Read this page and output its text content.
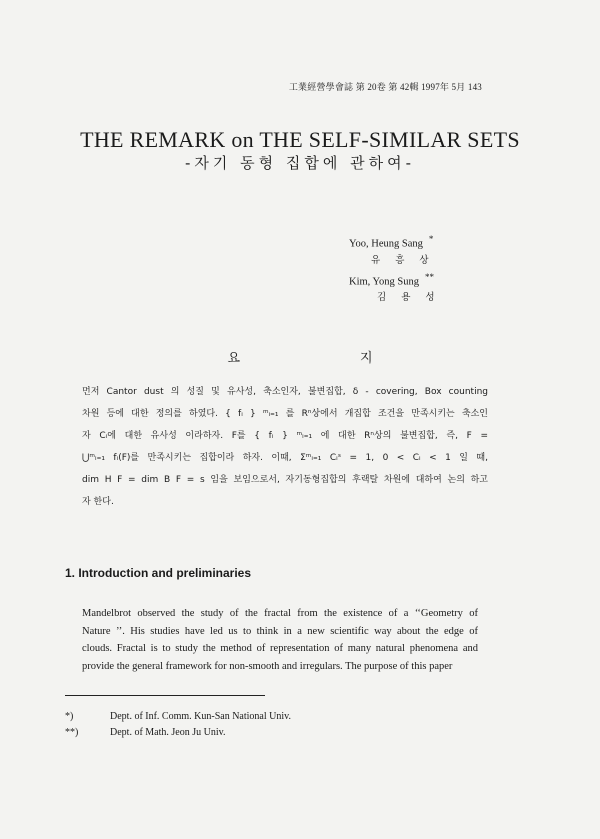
工業經營學會誌 第 20卷 第 42輯 1997年 5月 143
THE REMARK on THE SELF-SIMILAR SETS
-자기 동형 집합에 관하여-
Yoo, Heung Sang *
유 흥 상
Kim, Yong Sung **
김 용 성
요	지
먼저 Cantor dust 의 성질 및 유사성, 축소인자, 불변집합, δ - covering, Box counting
차원 등에 대한 정의를 하였다. { fᵢ } ᵐᵢ₌₁ 를 Rⁿ상에서 개집합 조건을 만족시키는 축소인
자 Cᵢ에 대한 유사성 이라하자. F를 { fᵢ } ᵐᵢ₌₁ 에 대한 Rⁿ상의 불변집합, 즉, F =
⋃ᵐᵢ₌₁ fᵢ(F)를 만족시키는 집합이라 하자. 이때, Σᵐᵢ₌₁ Cᵢˢ = 1, 0 < Cᵢ < 1 일 때,
dim H F = dim B F = s 임을 보임으로서, 자기동형집합의 후랙탈 차원에 대하여 논의 하고
자 한다.
1. Introduction and preliminaries
Mandelbrot observed the study of the fractal from the existence of a ‘‘Geometry of
Nature ’’. His studies have led us to think in a new scientific way about the edge of
clouds. Fractal is to study the method of representation of many natural phenomena and
provide the general framework for non-smooth and irregulars. The purpose of this paper
*)	Dept. of Inf. Comm. Kun-San National Univ.
**)	Dept. of Math. Jeon Ju Univ.
